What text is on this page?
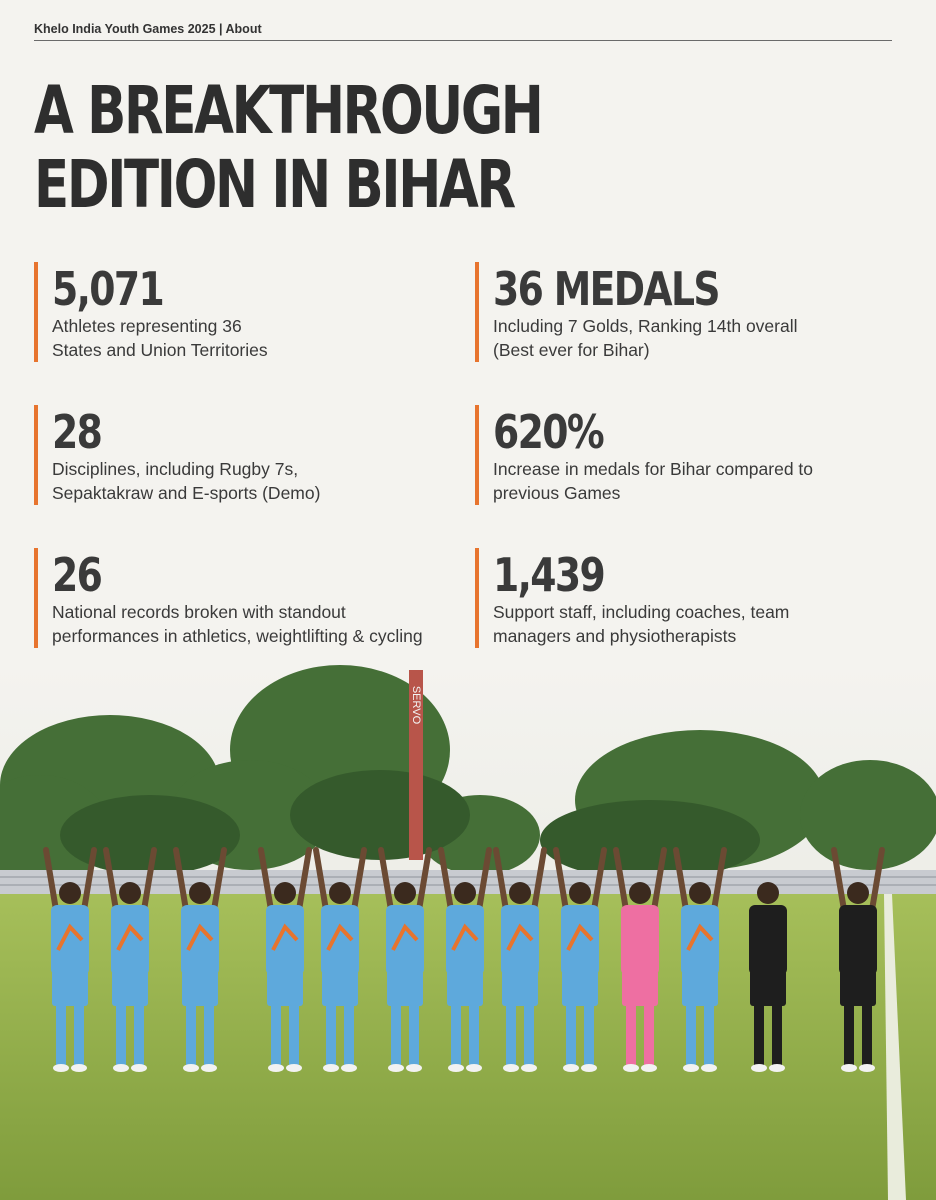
Khelo India Youth Games 2025 | About
A BREAKTHROUGH
EDITION IN BIHAR
5,071
Athletes representing 36
States and Union Territories
36 MEDALS
Including 7 Golds, Ranking 14th overall
(Best ever for Bihar)
28
Disciplines, including Rugby 7s,
Sepaktakraw and E-sports (Demo)
620%
Increase in medals for Bihar compared to
previous Games
26
National records broken with standout
performances in athletics, weightlifting & cycling
1,439
Support staff, including coaches, team
managers and physiotherapists
SERVO
